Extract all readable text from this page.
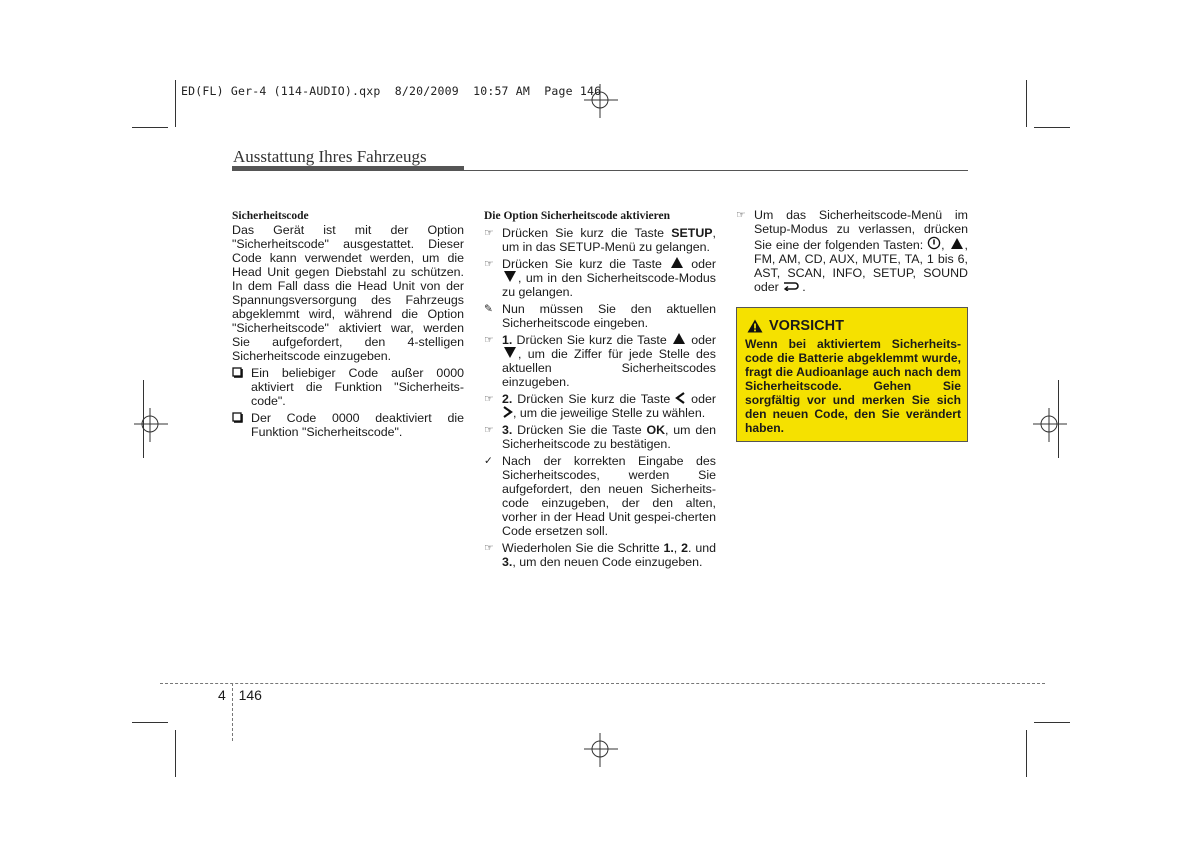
ED(FL) Ger-4 (114-AUDIO).qxp  8/20/2009  10:57 AM  Page 146
Ausstattung Ihres Fahrzeugs

Sicherheitscode

Das Gerät ist mit der Option "Sicherheitscode" ausgestattet. Dieser Code kann verwendet werden, um die Head Unit gegen Diebstahl zu schützen. In dem Fall dass die Head Unit von der Spannungsversorgung des Fahrzeugs abgeklemmt wird, während die Option "Sicherheitscode" aktiviert war, werden Sie aufgefordert, den 4-stelligen Sicherheitscode einzugeben.

Ein beliebiger Code außer 0000 aktiviert die Funktion "Sicherheits-code".

Der Code 0000 deaktiviert die Funktion "Sicherheitscode".

Die Option Sicherheitscode aktivieren

☞ Drücken Sie kurz die Taste SETUP, um in das SETUP-Menü zu gelangen.

☞ Drücken Sie kurz die Taste oder , um in den Sicherheitscode-Modus zu gelangen.

✎ Nun müssen Sie den aktuellen Sicherheitscode eingeben.

☞ 1. Drücken Sie kurz die Taste oder , um die Ziffer für jede Stelle des aktuellen Sicherheitscodes einzugeben.

☞ 2. Drücken Sie kurz die Taste oder , um die jeweilige Stelle zu wählen.

☞ 3. Drücken Sie die Taste OK, um den Sicherheitscode zu bestätigen.

✓ Nach der korrekten Eingabe des Sicherheitscodes, werden Sie aufgefordert, den neuen Sicherheits-code einzugeben, der den alten, vorher in der Head Unit gespei-cherten Code ersetzen soll.

☞ Wiederholen Sie die Schritte 1., 2. und 3., um den neuen Code einzugeben.

☞ Um das Sicherheitscode-Menü im Setup-Modus zu verlassen, drücken Sie eine der folgenden Tasten: , , FM, AM, CD, AUX, MUTE, TA, 1 bis 6, AST, SCAN, INFO, SETUP, SOUND oder .

VORSICHT

Wenn bei aktiviertem Sicherheits-code die Batterie abgeklemmt wurde, fragt die Audioanlage auch nach dem Sicherheitscode. Gehen Sie sorgfältig vor und merken Sie sich den neuen Code, den Sie verändert haben.

4 146
